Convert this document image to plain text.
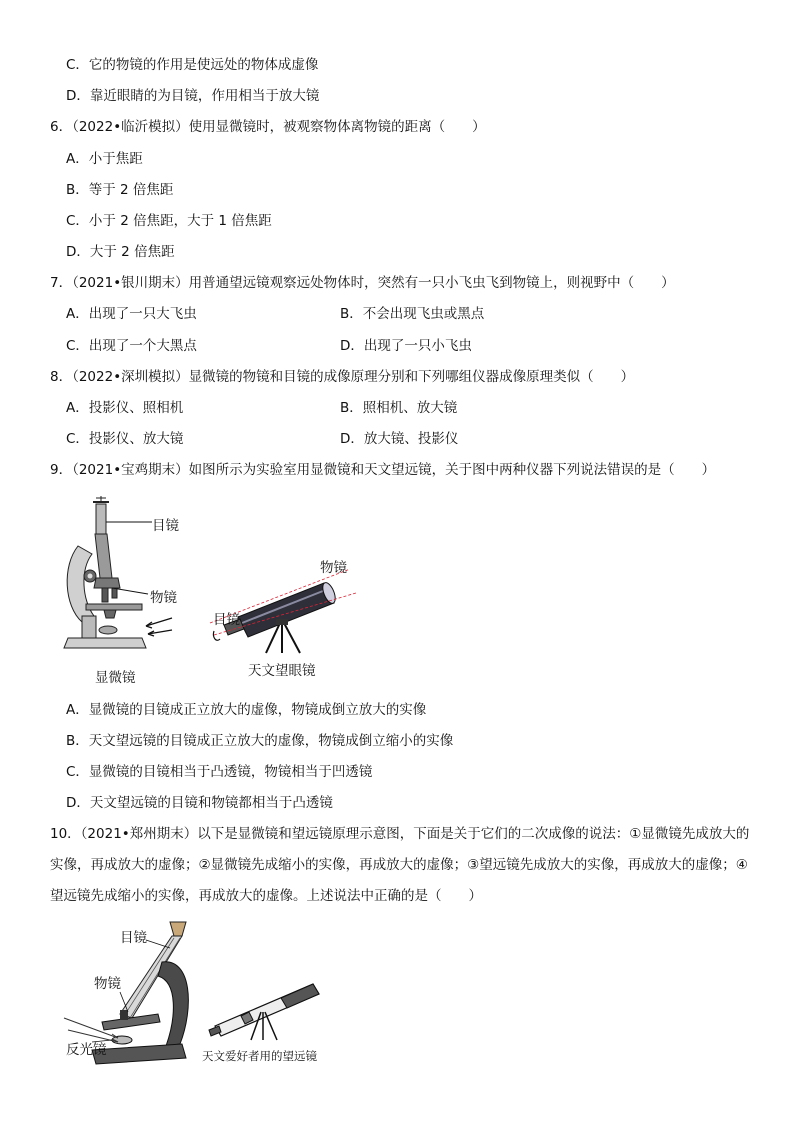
C．它的物镜的作用是使远处的物体成虚像
D．靠近眼睛的为目镜，作用相当于放大镜
6．（2022•临沂模拟）使用显微镜时，被观察物体离物镜的距离（　　）
A．小于焦距
B．等于 2 倍焦距
C．小于 2 倍焦距，大于 1 倍焦距
D．大于 2 倍焦距
7．（2021•银川期末）用普通望远镜观察远处物体时，突然有一只小飞虫飞到物镜上，则视野中（　　）
A．出现了一只大飞虫	B．不会出现飞虫或黑点
C．出现了一个大黑点	D．出现了一只小飞虫
8．（2022•深圳模拟）显微镜的物镜和目镜的成像原理分别和下列哪组仪器成像原理类似（　　）
A．投影仪、照相机	B．照相机、放大镜
C．投影仪、放大镜	D．放大镜、投影仪
9．（2021•宝鸡期末）如图所示为实验室用显微镜和天文望远镜，关于图中两种仪器下列说法错误的是（　　）
目镜
物镜
显微镜
物镜
目镜
天文望眼镜
A．显微镜的目镜成正立放大的虚像，物镜成倒立放大的实像
B．天文望远镜的目镜成正立放大的虚像，物镜成倒立缩小的实像
C．显微镜的目镜相当于凸透镜，物镜相当于凹透镜
D．天文望远镜的目镜和物镜都相当于凸透镜
10．（2021•郑州期末）以下是显微镜和望远镜原理示意图，下面是关于它们的二次成像的说法：①显微镜先成放大的实像，再成放大的虚像；②显微镜先成缩小的实像，再成放大的虚像；③望远镜先成放大的实像，再成放大的虚像；④望远镜先成缩小的实像，再成放大的虚像。上述说法中正确的是（　　）
目镜
物镜
反光镜	天文爱好者用的望远镜
